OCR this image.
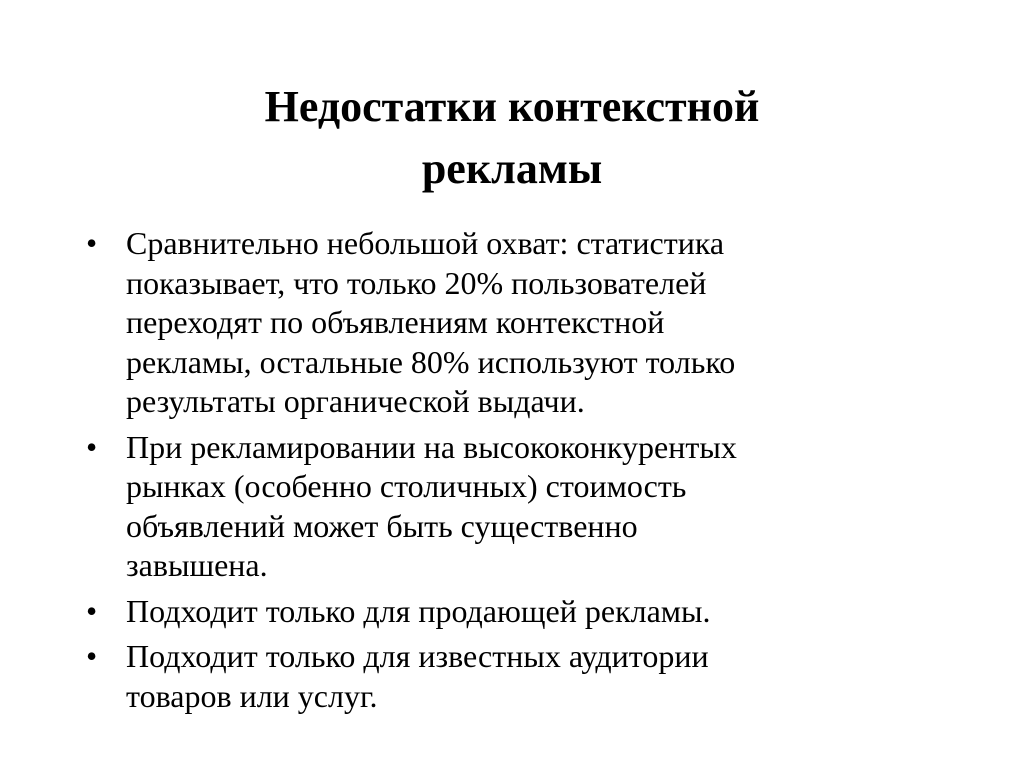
Недостатки контекстной
рекламы
• Сравнительно небольшой охват: статистика
показывает, что только 20% пользователей
переходят по объявлениям контекстной
рекламы, остальные 80% используют только
результаты органической выдачи.
• При рекламировании на высококонкурентых
рынках (особенно столичных) стоимость
объявлений может быть существенно
завышена.
• Подходит только для продающей рекламы.
• Подходит только для известных аудитории
товаров или услуг.
